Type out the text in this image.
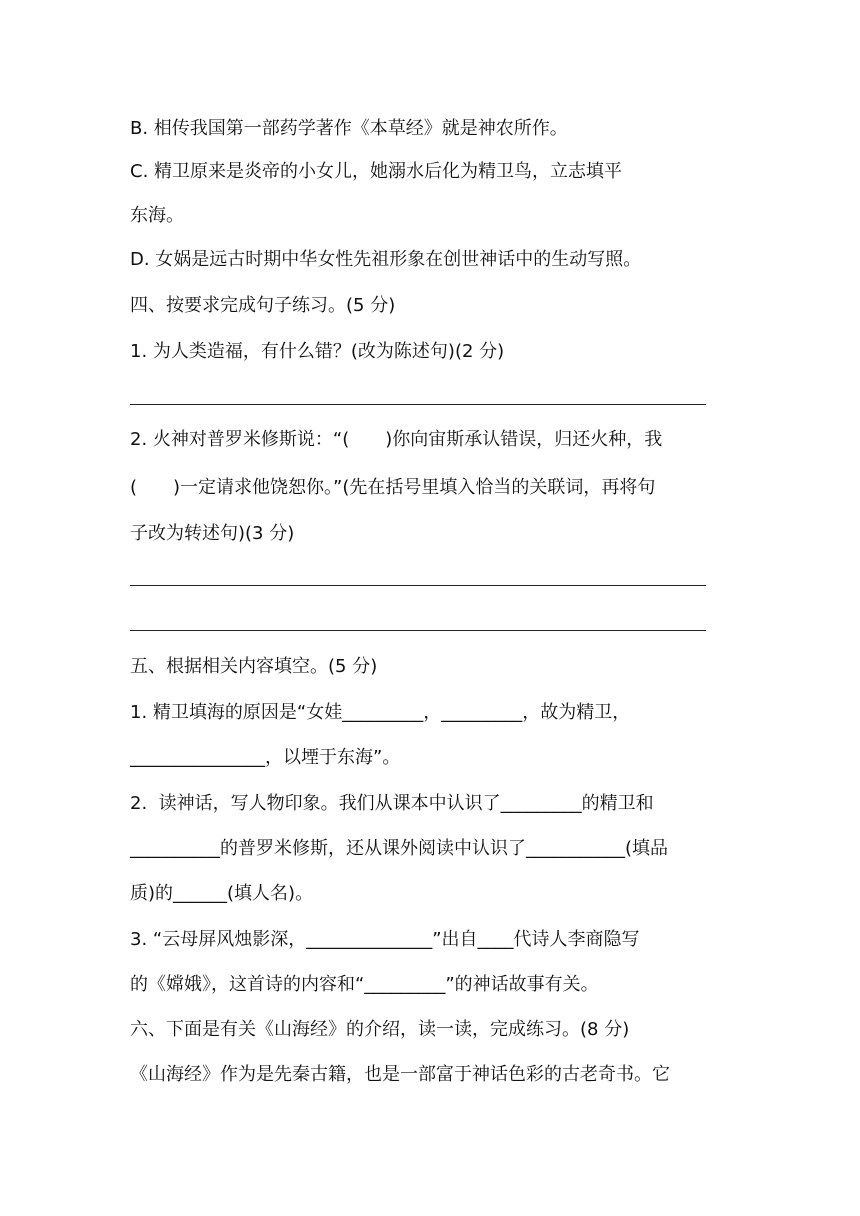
B. 相传我国第一部药学著作《本草经》就是神农所作。
C. 精卫原来是炎帝的小女儿，她溺水后化为精卫鸟，立志填平
东海。
D. 女娲是远古时期中华女性先祖形象在创世神话中的生动写照。
四、按要求完成句子练习。(5 分)
1. 为人类造福，有什么错？(改为陈述句)(2 分)
2. 火神对普罗米修斯说：“(　　)你向宙斯承认错误，归还火种，我
(　　)一定请求他饶恕你。”(先在括号里填入恰当的关联词，再将句
子改为转述句)(3 分)
五、根据相关内容填空。(5 分)
1. 精卫填海的原因是“女娃_________，_________，故为精卫，
_______________，以堙于东海”。
2.  读神话，写人物印象。我们从课本中认识了_________的精卫和
__________的普罗米修斯，还从课外阅读中认识了___________(填品
质)的______(填人名)。
3. “云母屏风烛影深，______________”出自____代诗人李商隐写
的《嫦娥》，这首诗的内容和“_________”的神话故事有关。
六、下面是有关《山海经》的介绍，读一读，完成练习。(8 分)
《山海经》作为是先秦古籍，也是一部富于神话色彩的古老奇书。它
